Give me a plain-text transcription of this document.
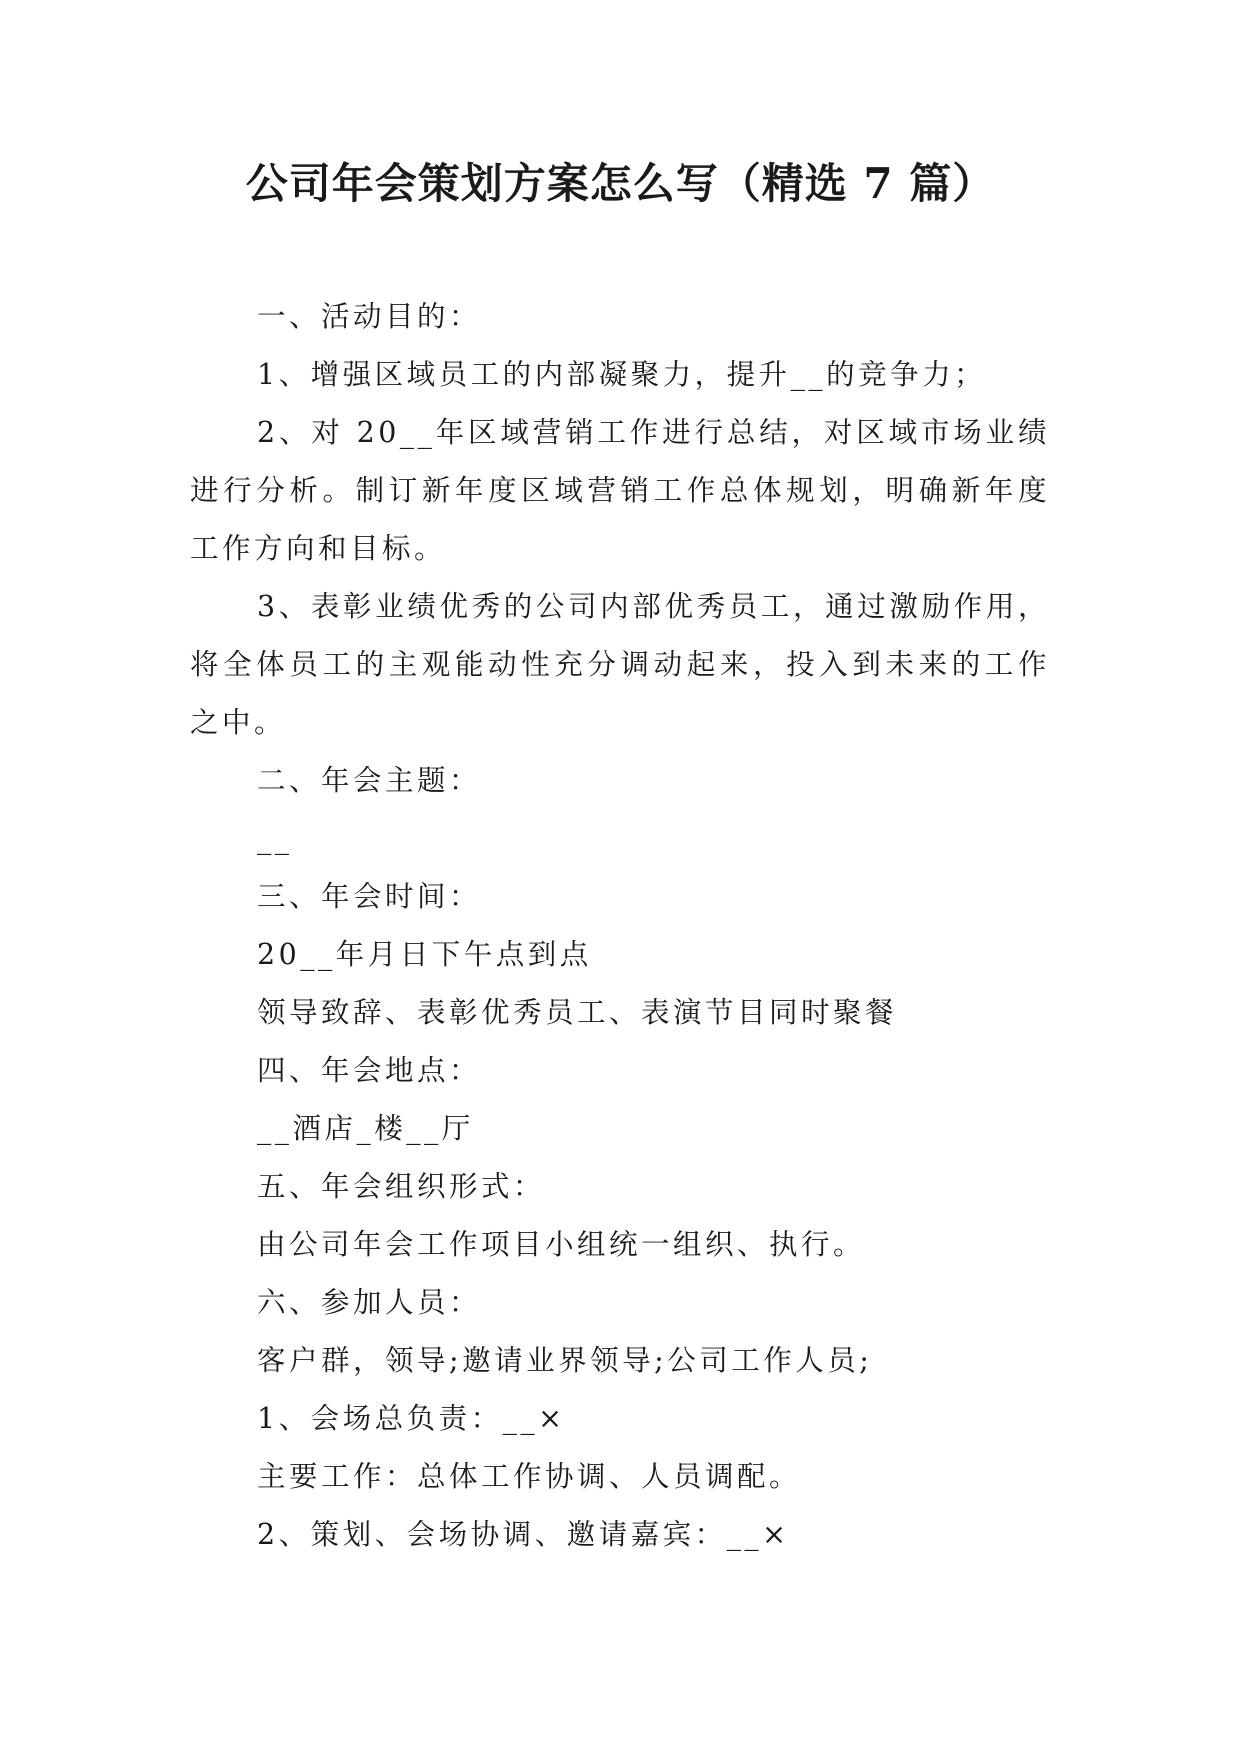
公司年会策划方案怎么写（精选 7 篇）

一、活动目的：

1、增强区域员工的内部凝聚力，提升__的竞争力；

2、对 20__年区域营销工作进行总结，对区域市场业绩进行分析。制订新年度区域营销工作总体规划，明确新年度工作方向和目标。

3、表彰业绩优秀的公司内部优秀员工，通过激励作用，将全体员工的主观能动性充分调动起来，投入到未来的工作之中。

二、年会主题：

__

三、年会时间：

20__年月日下午点到点

领导致辞、表彰优秀员工、表演节目同时聚餐

四、年会地点：

__酒店_楼__厅

五、年会组织形式：

由公司年会工作项目小组统一组织、执行。

六、参加人员：

客户群，领导;邀请业界领导;公司工作人员;

1、会场总负责：__×

主要工作：总体工作协调、人员调配。

2、策划、会场协调、邀请嘉宾：__×
